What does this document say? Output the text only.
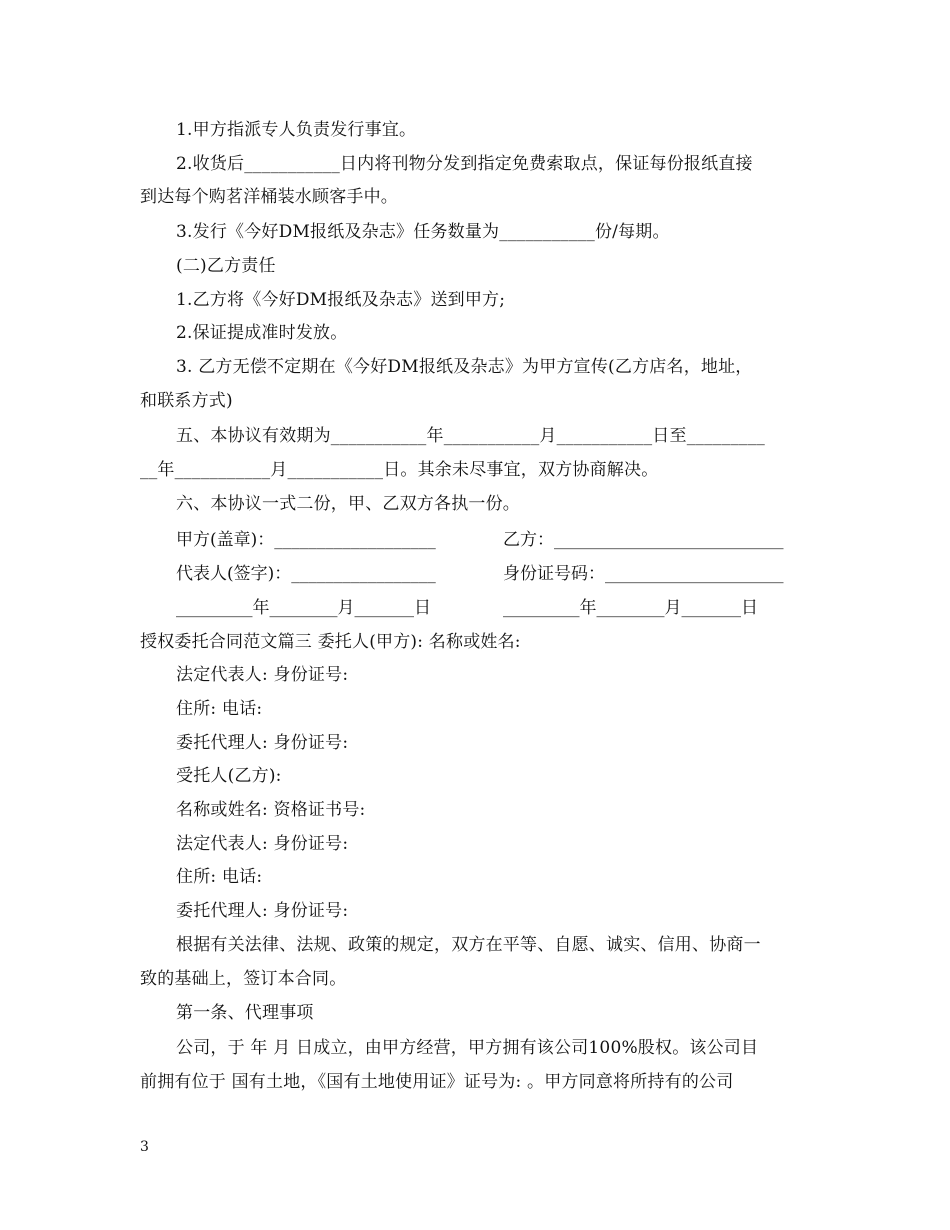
1.甲方指派专人负责发行事宜。
2.收货后___________日内将刊物分发到指定免费索取点，保证每份报纸直接
到达每个购茗洋桶装水顾客手中。
3.发行《今好DM报纸及杂志》任务数量为___________份/每期。
(二)乙方责任
1.乙方将《今好DM报纸及杂志》送到甲方;
2.保证提成准时发放。
3. 乙方无偿不定期在《今好DM报纸及杂志》为甲方宣传(乙方店名，地址，
和联系方式)
五、本协议有效期为___________年___________月___________日至_________
__年___________月___________日。其余未尽事宜，双方协商解决。
六、本协议一式二份，甲、乙双方各执一份。
甲方(盖章)：___________________	乙方：___________________________
代表人(签字)：_________________	身份证号码：_____________________
_________年________月_______日	_________年________月_______日
授权委托合同范文篇三 委托人(甲方): 名称或姓名:
法定代表人: 身份证号:
住所: 电话:
委托代理人: 身份证号:
受托人(乙方):
名称或姓名: 资格证书号:
法定代表人: 身份证号:
住所: 电话:
委托代理人: 身份证号:
根据有关法律、法规、政策的规定，双方在平等、自愿、诚实、信用、协商一
致的基础上，签订本合同。
第一条、代理事项
公司，于 年 月 日成立，由甲方经营，甲方拥有该公司100%股权。该公司目
前拥有位于 国有土地，《国有土地使用证》证号为: 。甲方同意将所持有的公司
3
